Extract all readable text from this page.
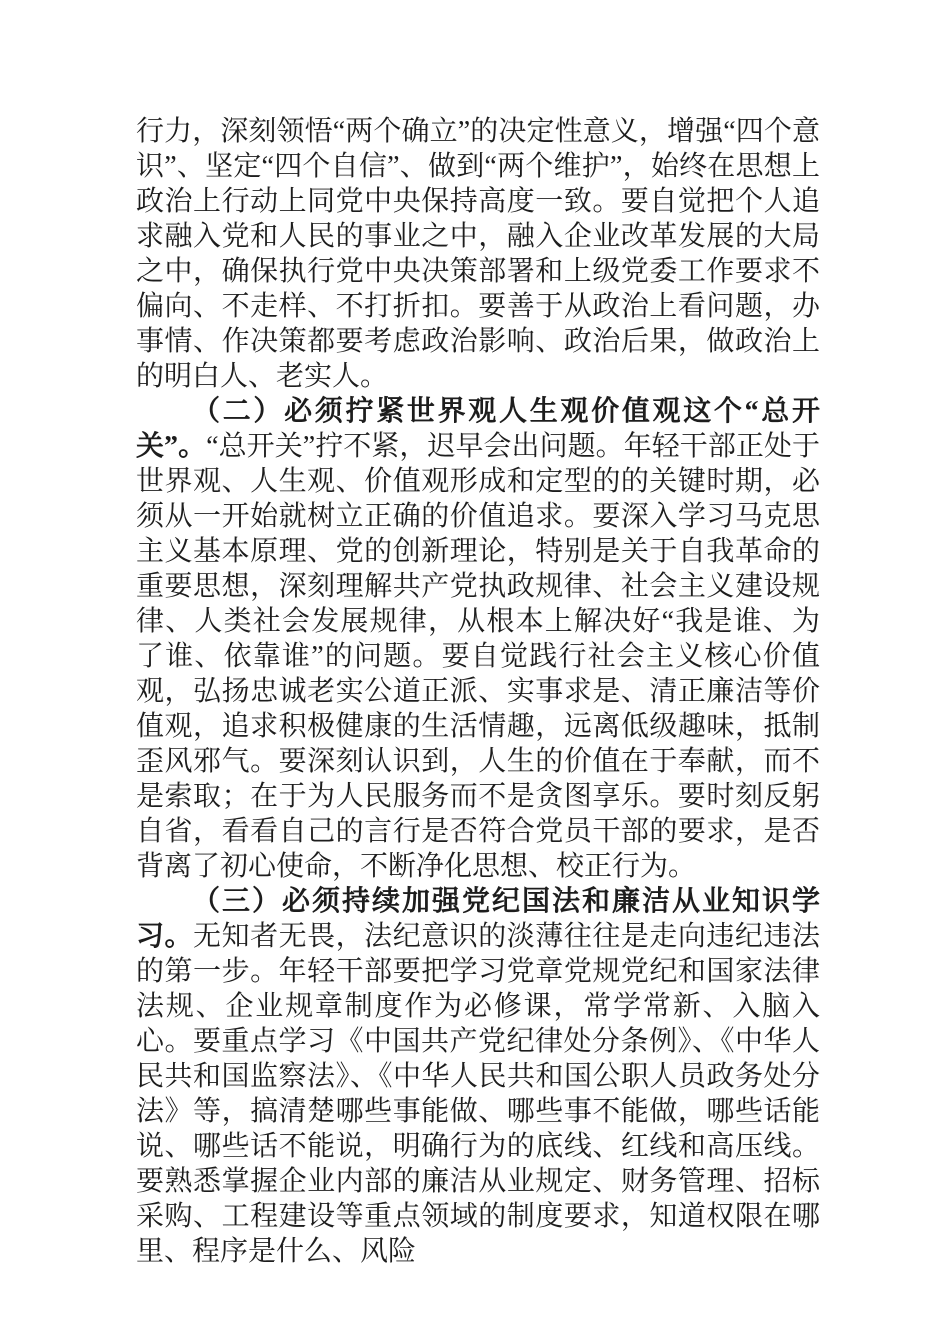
行力，深刻领悟“两个确立”的决定性意义，增强“四个意识”、坚定“四个自信”、做到“两个维护”，始终在思想上政治上行动上同党中央保持高度一致。要自觉把个人追求融入党和人民的事业之中，融入企业改革发展的大局之中，确保执行党中央决策部署和上级党委工作要求不偏向、不走样、不打折扣。要善于从政治上看问题，办事情、作决策都要考虑政治影响、政治后果，做政治上的明白人、老实人。

（二）必须拧紧世界观人生观价值观这个“总开关”。“总开关”拧不紧，迟早会出问题。年轻干部正处于世界观、人生观、价值观形成和定型的的关键时期，必须从一开始就树立正确的价值追求。要深入学习马克思主义基本原理、党的创新理论，特别是关于自我革命的重要思想，深刻理解共产党执政规律、社会主义建设规律、人类社会发展规律，从根本上解决好“我是谁、为了谁、依靠谁”的问题。要自觉践行社会主义核心价值观，弘扬忠诚老实公道正派、实事求是、清正廉洁等价值观，追求积极健康的生活情趣，远离低级趣味，抵制歪风邪气。要深刻认识到，人生的价值在于奉献，而不是索取；在于为人民服务而不是贪图享乐。要时刻反躬自省，看看自己的言行是否符合党员干部的要求，是否背离了初心使命，不断净化思想、校正行为。

（三）必须持续加强党纪国法和廉洁从业知识学习。无知者无畏，法纪意识的淡薄往往是走向违纪违法的第一步。年轻干部要把学习党章党规党纪和国家法律法规、企业规章制度作为必修课，常学常新、入脑入心。要重点学习《中国共产党纪律处分条例》、《中华人民共和国监察法》、《中华人民共和国公职人员政务处分法》等，搞清楚哪些事能做、哪些事不能做，哪些话能说、哪些话不能说，明确行为的底线、红线和高压线。要熟悉掌握企业内部的廉洁从业规定、财务管理、招标采购、工程建设等重点领域的制度要求，知道权限在哪里、程序是什么、风险
